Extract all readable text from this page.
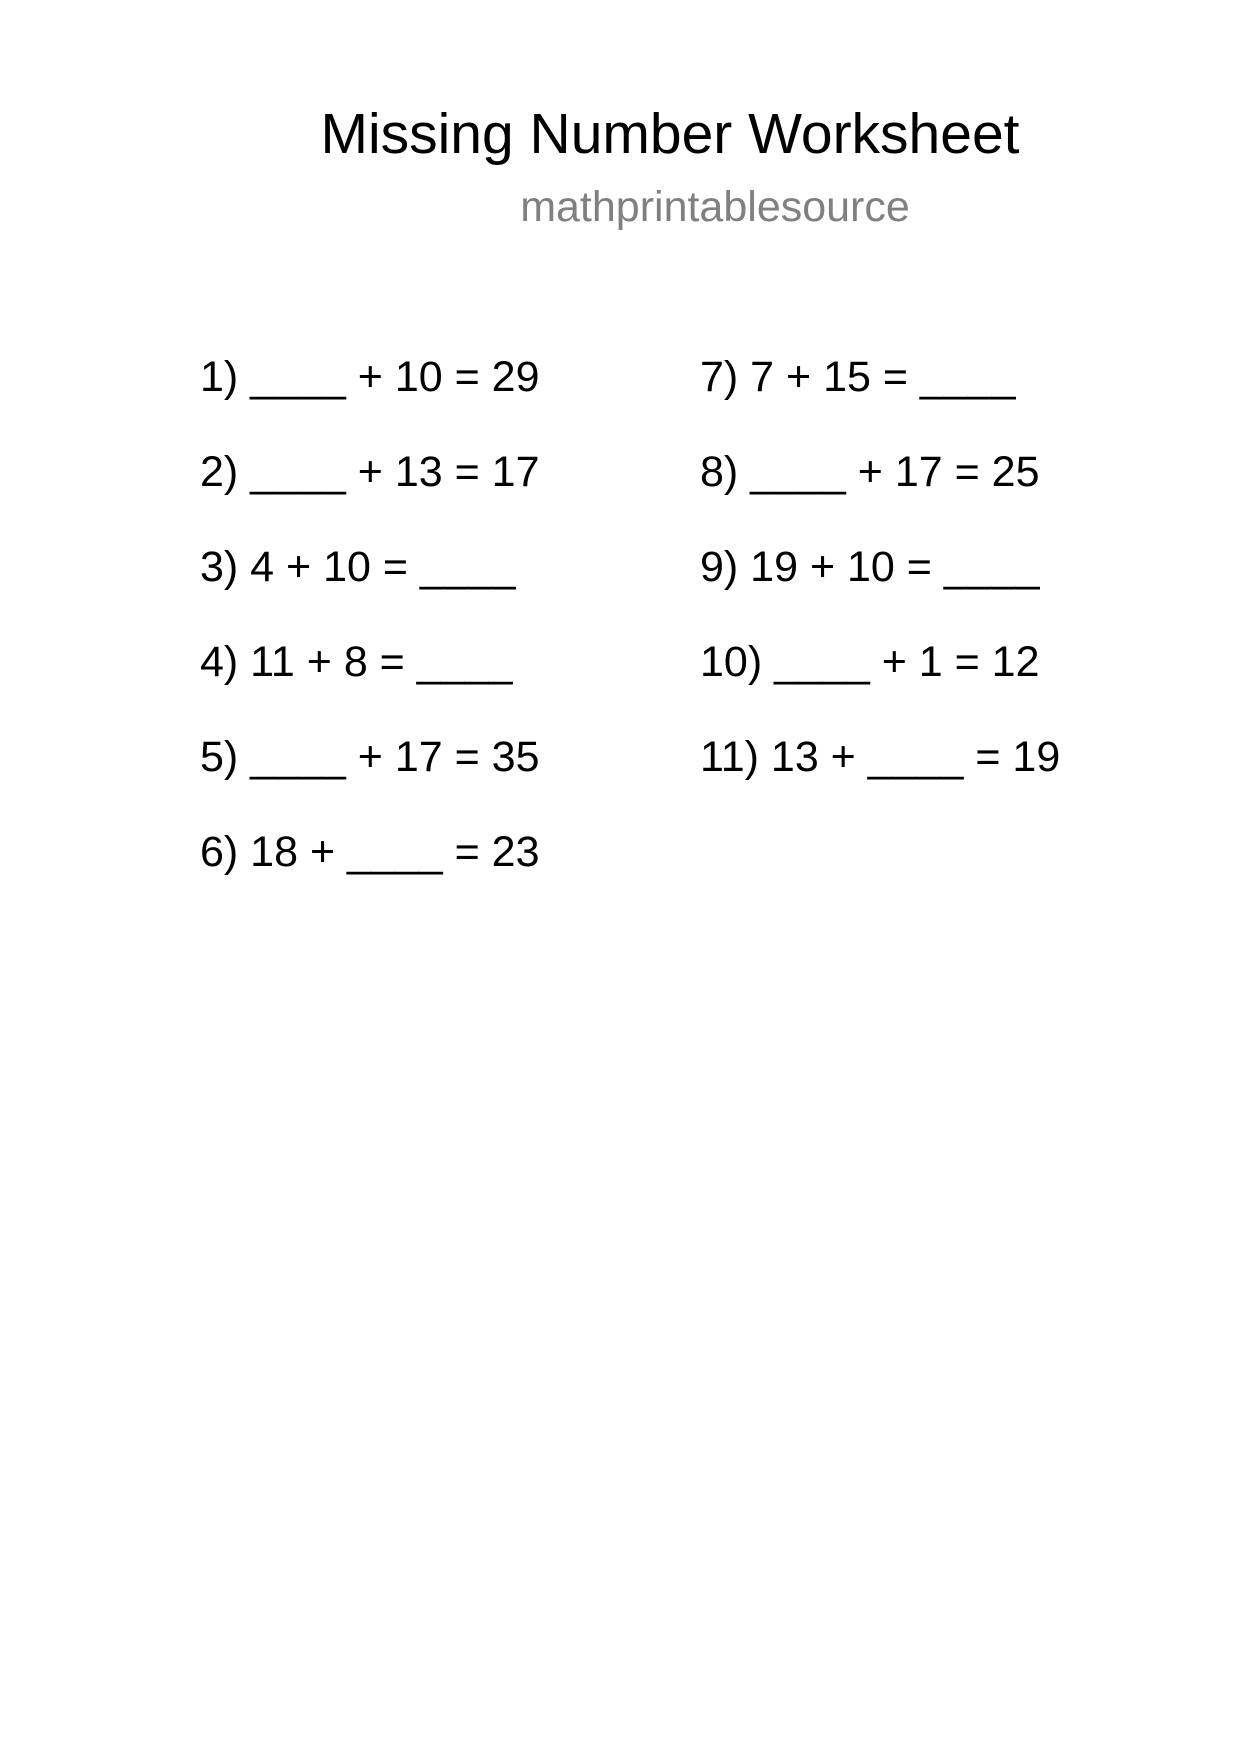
Missing Number Worksheet
mathprintablesource
1) ____ + 10 = 29
2) ____ + 13 = 17
3) 4 + 10 = ____
4) 11 + 8 = ____
5) ____ + 17 = 35
6) 18 + ____ = 23
7) 7 + 15 = ____
8) ____ + 17 = 25
9) 19 + 10 = ____
10) ____ + 1 = 12
11) 13 + ____ = 19
